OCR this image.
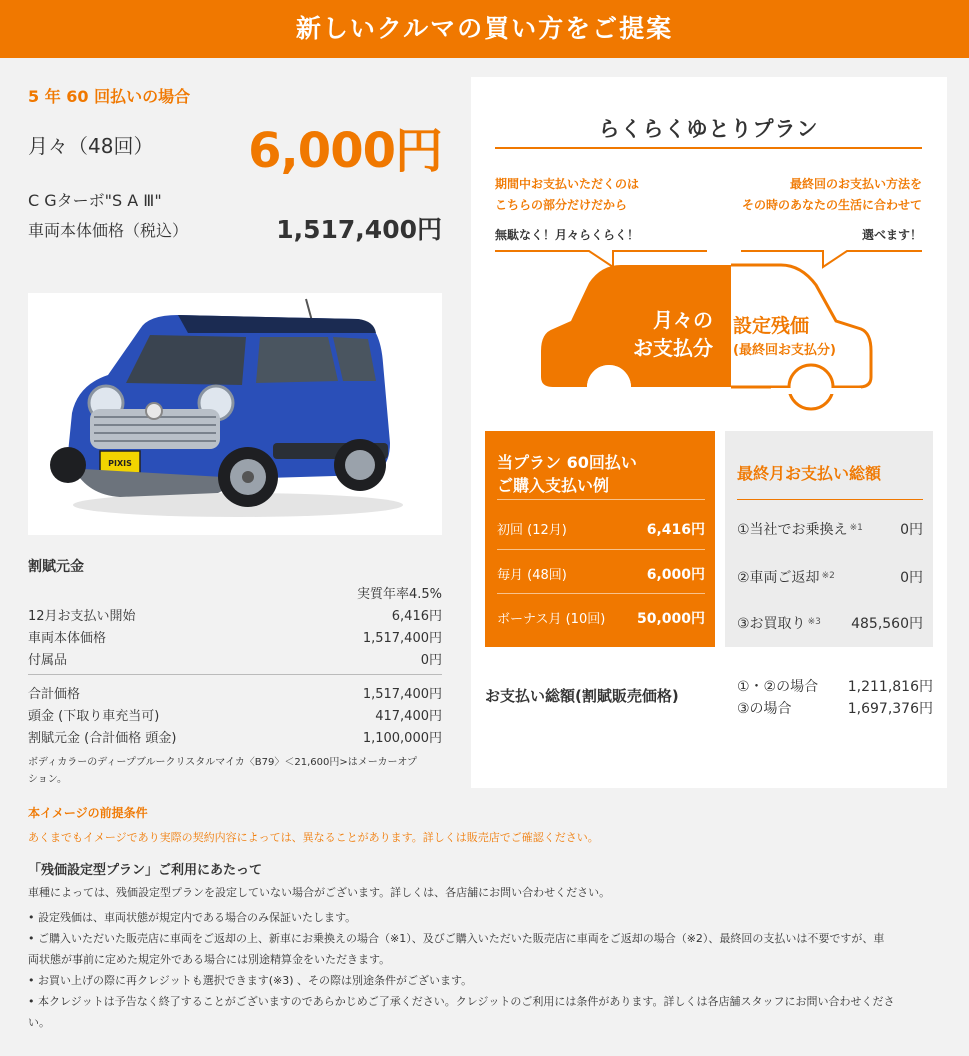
新しいクルマの買い方をご提案
5 年 60 回払いの場合
月々（48回）	6,000円
C Gターボ"S A Ⅲ"
車両本体価格（税込）	1,517,400円
PIXIS
割賦元金
実質年率4.5%
12月お支払い開始	6,416円
車両本体価格	1,517,400円
付属品	0円
合計価格	1,517,400円
頭金 (下取り車充当可)	417,400円
割賦元金 (合計価格 頭金)	1,100,000円
ボディカラーのディープブルークリスタルマイカ〈B79〉＜21,600円>はメーカーオプ
ション。
らくらくゆとりプラン
期間中お支払いただくのは
こちらの部分だけだから
無駄なく！月々らくらく！
最終回のお支払い方法を
その時のあなたの生活に合わせて
選べます！
月々の
お支払分
設定残価
(最終回お支払分)
当プラン 60回払い
ご購入支払い例
初回 (12月)	6,416円
毎月 (48回)	6,000円
ボーナス月 (10回) 50,000円
最終月お支払い総額
①当社でお乗換え $^{※1}$	0円
②車両ご返却 $^{※2}$	0円
③お買取り $^{※3}$ 485,560円
お支払い総額(割賦販売価格)	①・②の場合 1,211,816円
③の場合	1,697,376円
本イメージの前提条件
あくまでもイメージであり実際の契約内容によっては、異なることがあります。詳しくは販売店でご確認ください。
「残価設定型プラン」ご利用にあたって
車種によっては、残価設定型プランを設定していない場合がございます。詳しくは、各店舗にお問い合わせください。
• 設定残価は、車両状態が規定内である場合のみ保証いたします。
• ご購入いただいた販売店に車両をご返却の上、新車にお乗換えの場合（※1）、及びご購入いただいた販売店に車両をご返却の場合（※2）、最終回の支払いは不要ですが、車
両状態が事前に定めた規定外である場合には別途精算金をいただきます。
• お買い上げの際に再クレジットも選択できます(※3) 、その際は別途条件がございます。
• 本クレジットは予告なく終了することがございますのであらかじめご了承ください。クレジットのご利用には条件があります。詳しくは各店舗スタッフにお問い合わせくださ
い。
